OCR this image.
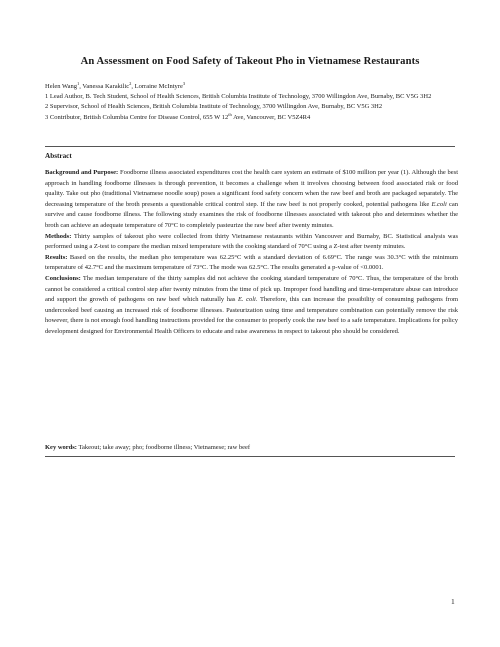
An Assessment on Food Safety of Takeout Pho in Vietnamese Restaurants

Helen Wang$^1$, Vanessa Karakilic$^2$, Lorraine McIntyre$^3$

1 Lead Author, B. Tech Student, School of Health Sciences, British Columbia Institute of Technology, 3700 Willingdon Ave, Burnaby, BC V5G 3H2

2 Supervisor, School of Health Sciences, British Columbia Institute of Technology, 3700 Willingdon Ave, Burnaby, BC V5G 3H2

3 Contributor, British Columbia Centre for Disease Control, 655 W 12th Ave, Vancouver, BC V5Z4R4

Abstract

Background and Purpose: Foodborne illness associated expenditures cost the health care system an estimate of $100 million per year (1). Although the best approach in handling foodborne illnesses is through prevention, it becomes a challenge when it involves choosing between food associated risk or food quality. Take out pho (traditional Vietnamese noodle soup) poses a significant food safety concern when the raw beef and broth are packaged separately. The decreasing temperature of the broth presents a questionable critical control step. If the raw beef is not properly cooked, potential pathogens like E.coli can survive and cause foodborne illness. The following study examines the risk of foodborne illnesses associated with takeout pho and determines whether the broth can achieve an adequate temperature of 70°C to completely pasteurize the raw beef after twenty minutes.

Methods: Thirty samples of takeout pho were collected from thirty Vietnamese restaurants within Vancouver and Burnaby, BC. Statistical analysis was performed using a Z-test to compare the median mixed temperature with the cooking standard of 70°C using a Z-test after twenty minutes.

Results: Based on the results, the median pho temperature was 62.25°C with a standard deviation of 6.69°C. The range was 30.3°C with the minimum temperature of 42.7°C and the maximum temperature of 73°C. The mode was 62.5°C. The results generated a p-value of <0.0001.

Conclusions: The median temperature of the thirty samples did not achieve the cooking standard temperature of 70°C. Thus, the temperature of the broth cannot be considered a critical control step after twenty minutes from the time of pick up. Improper food handling and time-temperature abuse can introduce and support the growth of pathogens on raw beef which naturally has E. coli. Therefore, this can increase the possibility of consuming pathogens from undercooked beef causing an increased risk of foodborne illnesses. Pasteurization using time and temperature combination can potentially remove the risk however, there is not enough food handling instructions provided for the consumer to properly cook the raw beef to a safe temperature. Implications for policy development designed for Environmental Health Officers to educate and raise awareness in respect to takeout pho should be considered.

Key words: Takeout; take away; pho; foodborne illness; Vietnamese; raw beef
1
